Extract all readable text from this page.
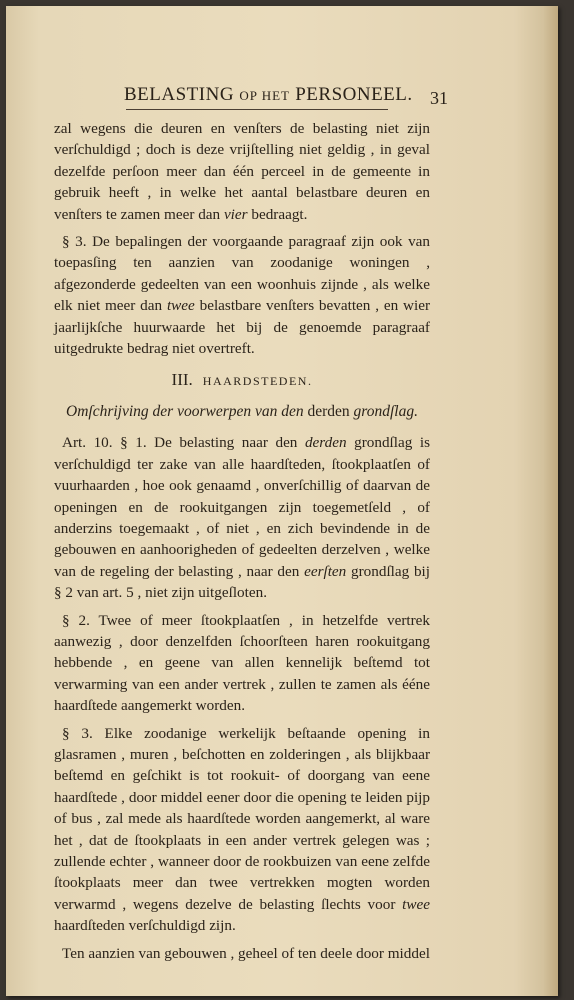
BELASTING OP HET PERSONEEL. 31

zal wegens die deuren en venſters de belasting niet zijn verſchuldigd ; doch is deze vrijſtelling niet geldig , in geval dezelfde perſoon meer dan één perceel in de gemeente in gebruik heeft , in welke het aantal belastbare deuren en venſters te zamen meer dan vier bedraagt.

§ 3. De bepalingen der voorgaande paragraaf zijn ook van toepasſing ten aanzien van zoodanige woningen , afgezonderde gedeelten van een woonhuis zijnde , als welke elk niet meer dan twee belastbare venſters bevatten , en wier jaarlijkſche huurwaarde het bij de genoemde paragraaf uitgedrukte bedrag niet overtreft.

III. HAARDSTEDEN.

Omſchrijving der voorwerpen van den derden grondſlag.

Art. 10. § 1. De belasting naar den derden grondſlag is verſchuldigd ter zake van alle haardſteden, ſtookplaatſen of vuurhaarden , hoe ook genaamd , onverſchillig of daarvan de openingen en de rookuitgangen zijn toegemetſeld , of anderzins toegemaakt , of niet , en zich bevindende in de gebouwen en aanhoorigheden of gedeelten derzelven , welke van de regeling der belasting , naar den eerſten grondſlag bij § 2 van art. 5 , niet zijn uitgeſloten.

§ 2. Twee of meer ſtookplaatſen , in hetzelfde vertrek aanwezig , door denzelfden ſchoorſteen haren rookuitgang hebbende , en geene van allen kennelijk beſtemd tot verwarming van een ander vertrek , zullen te zamen als ééne haardſtede aangemerkt worden.

§ 3. Elke zoodanige werkelijk beſtaande opening in glasramen , muren , beſchotten en zolderingen , als blijkbaar beſtemd en geſchikt is tot rookuit- of doorgang van eene haardſtede , door middel eener door die opening te leiden pijp of bus , zal mede als haardſtede worden aangemerkt, al ware het , dat de ſtookplaats in een ander vertrek gelegen was ; zullende echter , wanneer door de rookbuizen van eene zelfde ſtookplaats meer dan twee vertrekken mogten worden verwarmd , wegens dezelve de belasting ſlechts voor twee haardſteden verſchuldigd zijn.

Ten aanzien van gebouwen , geheel of ten deele door middel
